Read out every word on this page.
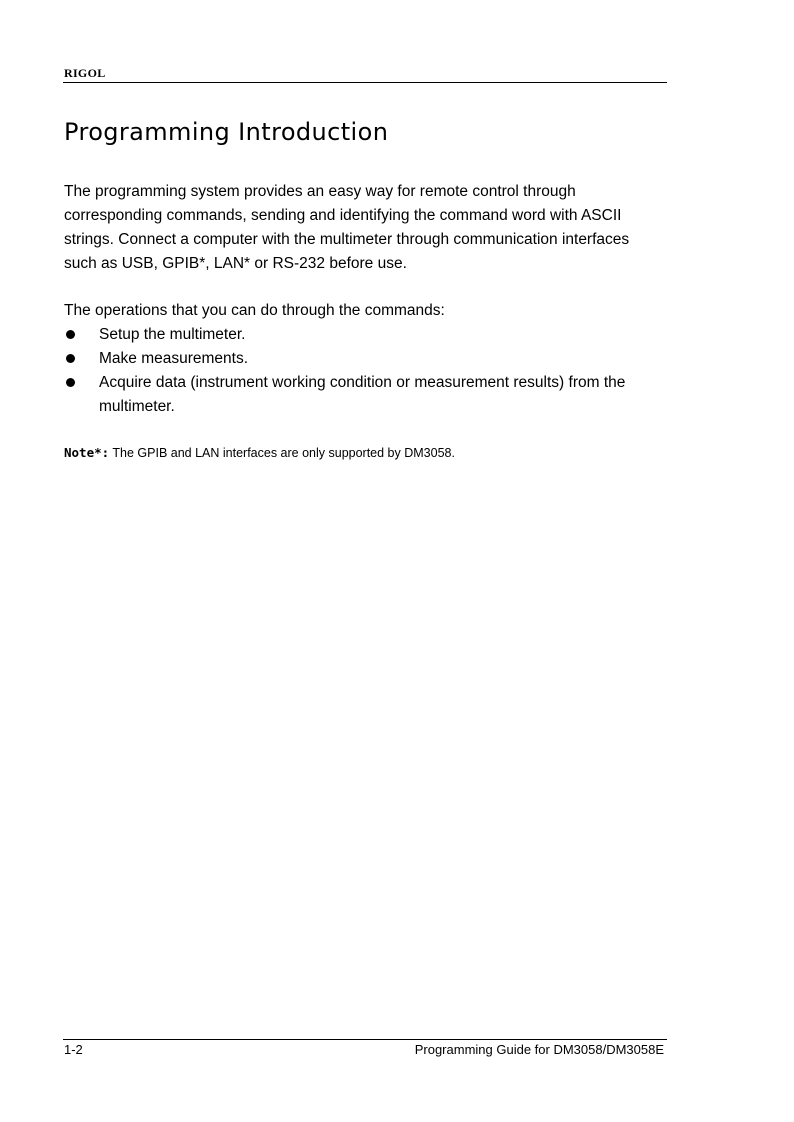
RIGOL
Programming Introduction

The programming system provides an easy way for remote control through corresponding commands, sending and identifying the command word with ASCII strings. Connect a computer with the multimeter through communication interfaces such as USB, GPIB*, LAN* or RS-232 before use.

The operations that you can do through the commands:

Setup the multimeter.
Make measurements.
Acquire data (instrument working condition or measurement results) from the multimeter.

Note*: The GPIB and LAN interfaces are only supported by DM3058.

1-2	Programming Guide for DM3058/DM3058E
